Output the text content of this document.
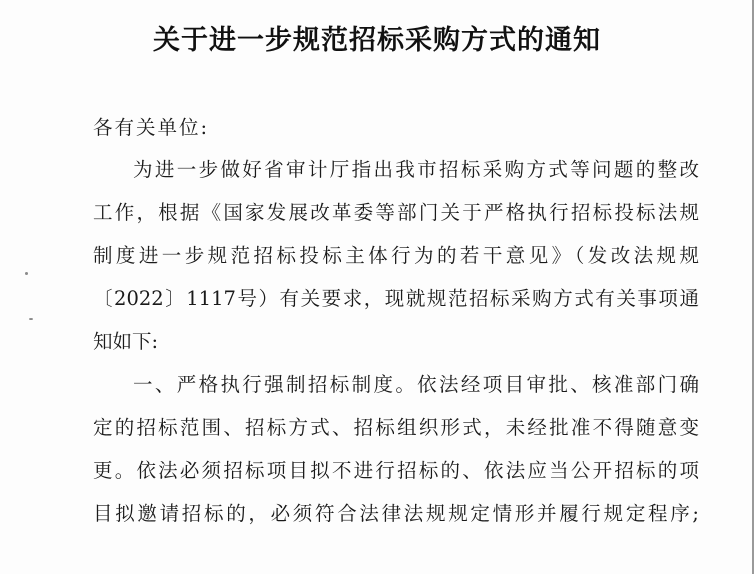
关于进一步规范招标采购方式的通知
各有关单位:
为进一步做好省审计厅指出我市招标采购方式等问题的整改
工作，根据《国家发展改革委等部门关于严格执行招标投标法规
制度进一步规范招标投标主体行为的若干意见》（发改法规规
〔2022〕1117号）有关要求，现就规范招标采购方式有关事项通
知如下:
一、严格执行强制招标制度。依法经项目审批、核准部门确
定的招标范围、招标方式、招标组织形式，未经批准不得随意变
更。依法必须招标项目拟不进行招标的、依法应当公开招标的项
目拟邀请招标的，必须符合法律法规规定情形并履行规定程序;
